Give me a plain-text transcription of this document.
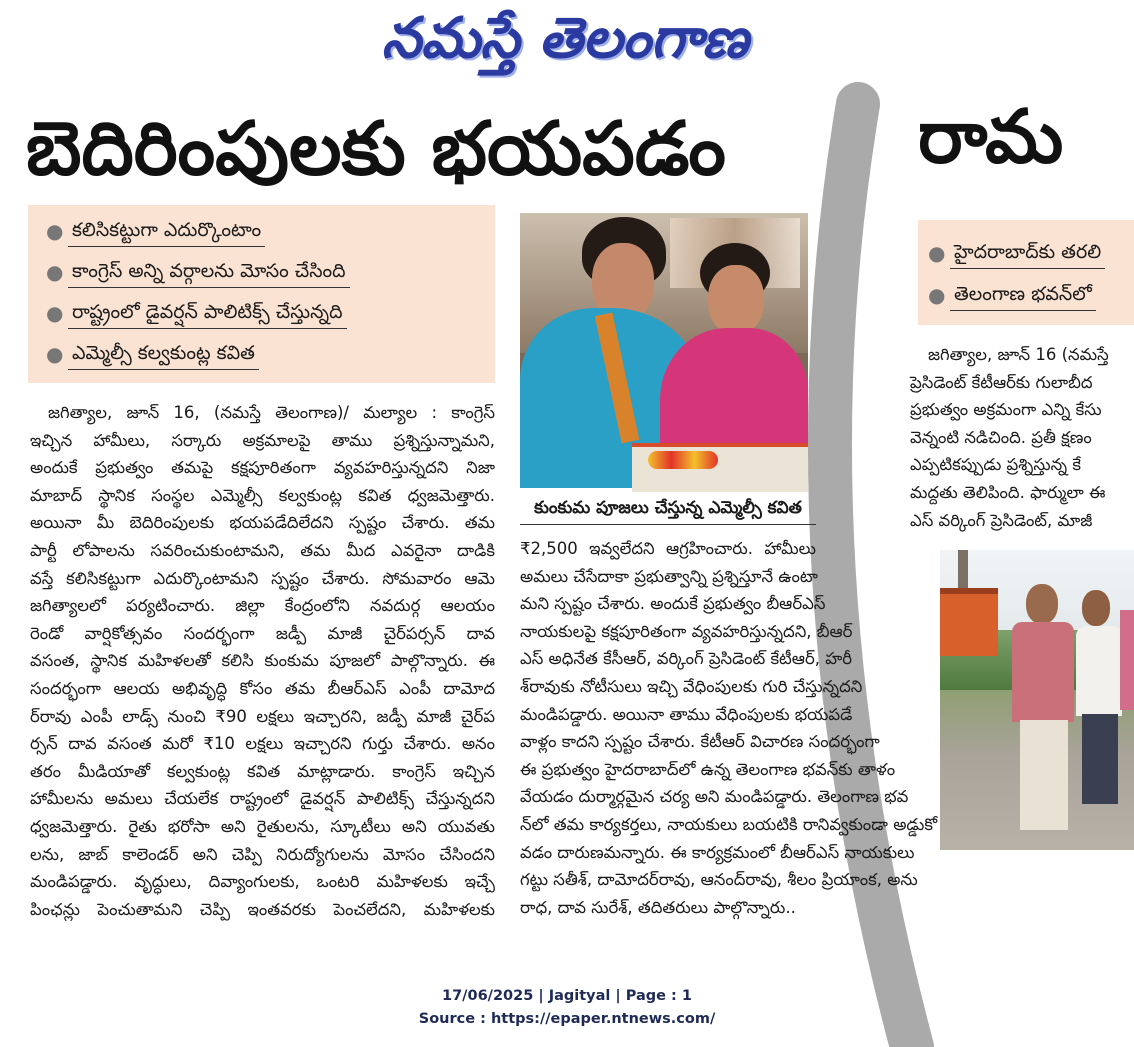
నమస్తే తెలంగాణ
బెదిరింపులకు భయపడం	రామ
● కలిసికట్టుగా ఎదుర్కొంటాం
● కాంగ్రెస్ అన్ని వర్గాలను మోసం చేసింది
● రాష్ట్రంలో డైవర్షన్ పాలిటిక్స్ చేస్తున్నది
● ఎమ్మెల్సీ కల్వకుంట్ల కవిత
● హైదరాబాద్‌కు తరలి
● తెలంగాణ భవన్‌లో
కుంకుమ పూజలు చేస్తున్న ఎమ్మెల్సీ కవిత
జగిత్యాల, జూన్ 16, (నమస్తే తెలంగాణ)/ మల్యాల : కాంగ్రెస్
ఇచ్చిన హామీలు, సర్కారు అక్రమాలపై తాము ప్రశ్నిస్తున్నామని,
అందుకే ప్రభుత్వం తమపై కక్షపూరితంగా వ్యవహరిస్తున్నదని నిజా
మాబాద్ స్థానిక సంస్థల ఎమ్మెల్సీ కల్వకుంట్ల కవిత ధ్వజమెత్తారు.
అయినా మీ బెదిరింపులకు భయపడేదిలేదని స్పష్టం చేశారు. తమ
పార్టీ లోపాలను సవరించుకుంటామని, తమ మీద ఎవరైనా దాడికి
వస్తే కలిసికట్టుగా ఎదుర్కొంటామని స్పష్టం చేశారు. సోమవారం ఆమె
జగిత్యాలలో పర్యటించారు. జిల్లా కేంద్రంలోని నవదుర్గ ఆలయం
రెండో వార్షికోత్సవం సందర్భంగా జడ్పీ మాజీ చైర్‌పర్సన్ దావ
వసంత, స్థానిక మహిళలతో కలిసి కుంకుమ పూజలో పాల్గొన్నారు. ఈ
సందర్భంగా ఆలయ అభివృద్ధి కోసం తమ బీఆర్‌ఎస్ ఎంపీ దామోద
ర్‌రావు ఎంపీ లాడ్స్ నుంచి ₹90 లక్షలు ఇచ్చారని, జడ్పీ మాజీ చైర్‌ప
ర్సన్ దావ వసంత మరో ₹10 లక్షలు ఇచ్చారని గుర్తు చేశారు. అనం
తరం మీడియాతో కల్వకుంట్ల కవిత మాట్లాడారు. కాంగ్రెస్ ఇచ్చిన
హామీలను అమలు చేయలేక రాష్ట్రంలో డైవర్షన్ పాలిటిక్స్ చేస్తున్నదని
ధ్వజమెత్తారు. రైతు భరోసా అని రైతులను, స్కూటీలు అని యువతు
లను, జాబ్ కాలెండర్ అని చెప్పి నిరుద్యోగులను మోసం చేసిందని
మండిపడ్డారు. వృద్ధులు, దివ్యాంగులకు, ఒంటరి మహిళలకు ఇచ్చే
పింఛన్లు పెంచుతామని చెప్పి ఇంతవరకు పెంచలేదని, మహిళలకు
₹2,500 ఇవ్వలేదని ఆగ్రహించారు. హామీలు
అమలు చేసేదాకా ప్రభుత్వాన్ని ప్రశ్నిస్తూనే ఉంటా
మని స్పష్టం చేశారు. అందుకే ప్రభుత్వం బీఆర్‌ఎస్
నాయకులపై కక్షపూరితంగా వ్యవహరిస్తున్నదని, బీఆర్
ఎస్ అధినేత కేసీఆర్, వర్కింగ్ ప్రెసిడెంట్ కేటీఆర్, హరీ
శ్‌రావుకు నోటీసులు ఇచ్చి వేధింపులకు గురి చేస్తున్నదని
మండిపడ్డారు. అయినా తాము వేధింపులకు భయపడే
వాళ్లం కాదని స్పష్టం చేశారు. కేటీఆర్ విచారణ సందర్భంగా
ఈ ప్రభుత్వం హైదరాబాద్‌లో ఉన్న తెలంగాణ భవన్‌కు తాళం
వేయడం దుర్మార్గమైన చర్య అని మండిపడ్డారు. తెలంగాణ భవ
న్‌లో తమ కార్యకర్తలు, నాయకులు బయటికి రానివ్వకుండా అడ్డుకో
వడం దారుణమన్నారు. ఈ కార్యక్రమంలో బీఆర్‌ఎస్ నాయకులు
గట్టు సతీశ్, దామోదర్‌రావు, ఆనంద్‌రావు, శీలం ప్రియాంక, అను
రాధ, దావ సురేశ్, తదితరులు పాల్గొన్నారు..
జగిత్యాల, జూన్ 16 (నమస్తే
ప్రెసిడెంట్ కేటీఆర్‌కు గులాబీద
ప్రభుత్వం అక్రమంగా ఎన్ని కేసు
వెన్నంటి నడిచింది. ప్రతీ క్షణం
ఎప్పటికప్పుడు ప్రశ్నిస్తున్న కే
మద్దతు తెలిపింది. ఫార్ములా ఈ
ఎస్ వర్కింగ్ ప్రెసిడెంట్, మాజీ
17/06/2025 | Jagityal | Page : 1
Source : https://epaper.ntnews.com/
